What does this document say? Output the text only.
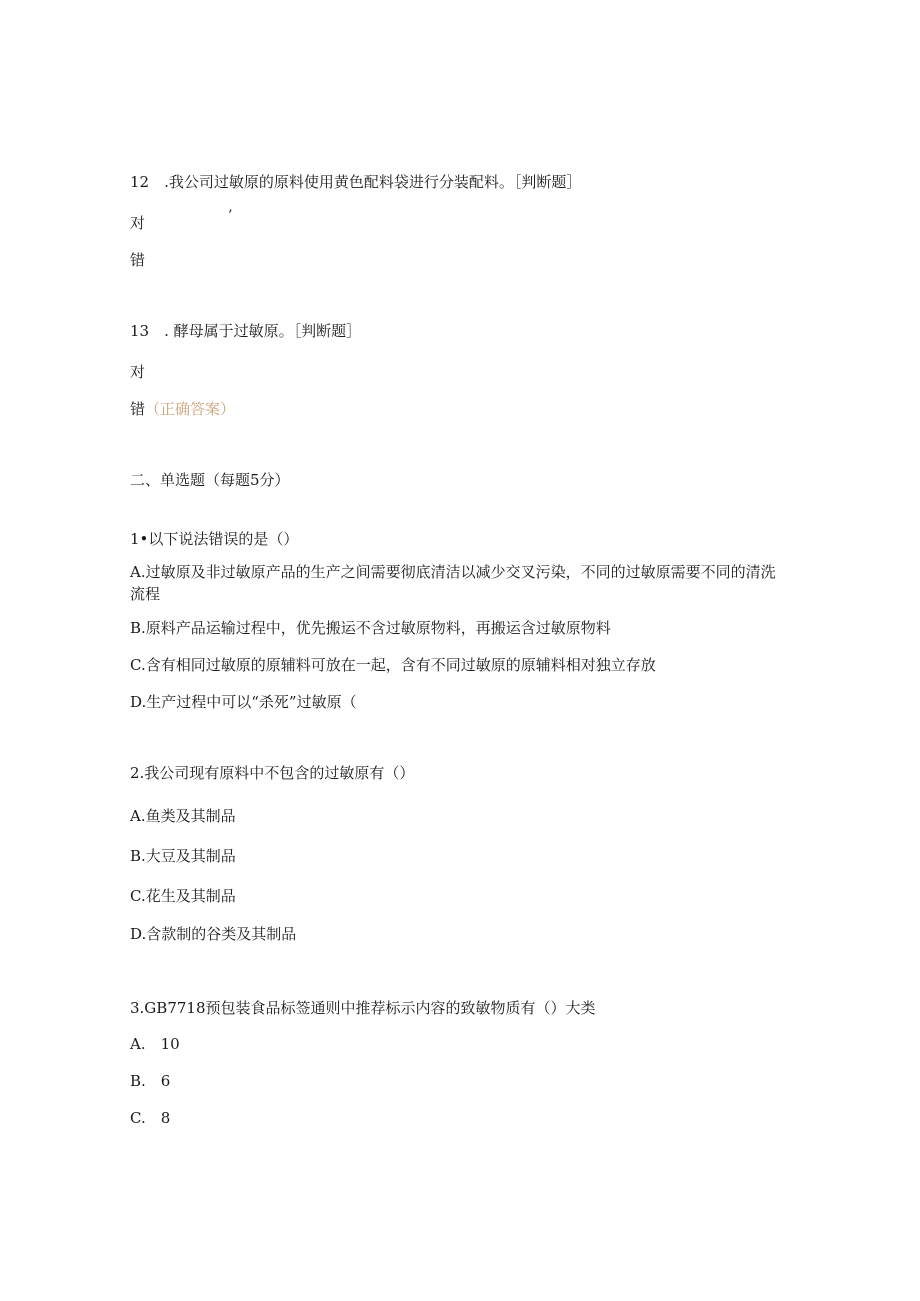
12　.我公司过敏原的原料使用黄色配料袋进行分装配料。［判断题］
对	’
错
13　. 酵母属于过敏原。［判断题］
对
错（正确答案）
二、单选题（每题5分）
1•以下说法错误的是（）
A.过敏原及非过敏原产品的生产之间需要彻底清洁以减少交叉污染，不同的过敏原需要不同的清洗流程
B.原料产品运输过程中，优先搬运不含过敏原物料，再搬运含过敏原物料
C.含有相同过敏原的原辅料可放在一起，含有不同过敏原的原辅料相对独立存放
D.生产过程中可以“杀死”过敏原（
2.我公司现有原料中不包含的过敏原有（）
A.鱼类及其制品
B.大豆及其制品
C.花生及其制品
D.含款制的谷类及其制品
3.GB7718预包装食品标签通则中推荐标示内容的致敏物质有（）大类
A.　10
B.　6
C.　8
